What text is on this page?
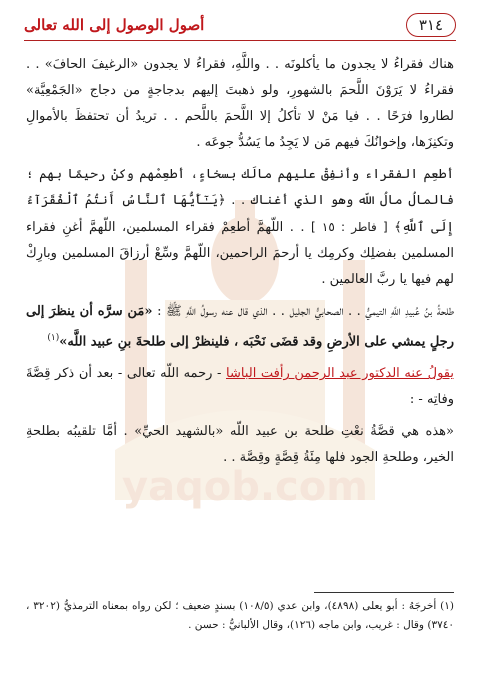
yaqob.com
٣١٤
أصول الوصول إلى الله تعالى

هناك فقراءُ لا يجدون ما يأكلونَه . . واللَّهِ، فقراءُ لا يجدون «الرغيفَ الحافَ» . . فقراءُ لا يَرَوْنَ اللَّحمَ بالشهورِ، ولو ذهبتَ إليهم بدجاجةٍ من دجاج «الجَمْعِيَّة» لطاروا فرَحًا . . فيا مَنْ لا تأكلُ إلا اللَّحمَ باللَّحم . . تريدُ أن تحتفظَ بالأموالِ وتكنِزَها، وإخوانُكَ فيهم مَن لا يَجِدُ ما يَسُدُّ جوعَه .

أطعِم الفقراء وأنفِقْ عليهم مالَك بسخاءٍ، أطعِمْهم وكنْ رحيمًا بهم ؛ فالمالُ مالُ اللّه وهو الذي أغناك . . ﴿يَـٰٓأَيُّهَا ٱلنَّاسُ أَنتُمُ ٱلْفُقَرَآءُ إِلَى ٱللَّهِ﴾ [ فاطر : ١٥ ] . . اللّهمَّ أطعِمْ فقراء المسلمين، اللّهمَّ أغنِ فقراء المسلمين بفضلِك وكرمِك يا أرحمَ الراحمين، اللّهمَّ وسِّعْ أرزاقَ المسلمين وبارِكْ لهم فيها يا ربَّ العالمين .

طلحةُ بنُ عُبيدِ اللَّهِ التيميُّ . . الصحابيُّ الجليل . . الذي قال عنه رسولُ اللَّهِ ﷺ : «مَن سرَّه أن ينظرَ إلى رجلٍ يمشي على الأرضِ وقد قضَى نَحْبَه ، فلينظرْ إلى طلحةَ بنِ عبيد اللَّه»$^{(١)}$

يقولُ عنه الدكتور عبد الرحمن رأفت الباشا - رحمه اللّه تعالى - بعد أن ذكر قِصَّةَ وفاتِه - :

«هذه هي قصَّةُ نعْتِ طلحة بن عبيد اللّه «بالشهيد الحيِّ» . أمَّا تلقيبُه بطلحةِ الخير، وطلحةِ الجود فلها مِئَةُ قِصَّةٍ وقِصَّة . .

(١) أخرجَهُ : أبو يعلى (٤٨٩٨)، وابن عدي (١٠٨/٥) بسندٍ ضعيف ؛ لكن رواه بمعناه الترمذيُّ (٣٢٠٢ ، ٣٧٤٠) وقال : غريب، وابن ماجه (١٢٦)، وقال الألبانيُّ : حسن .
